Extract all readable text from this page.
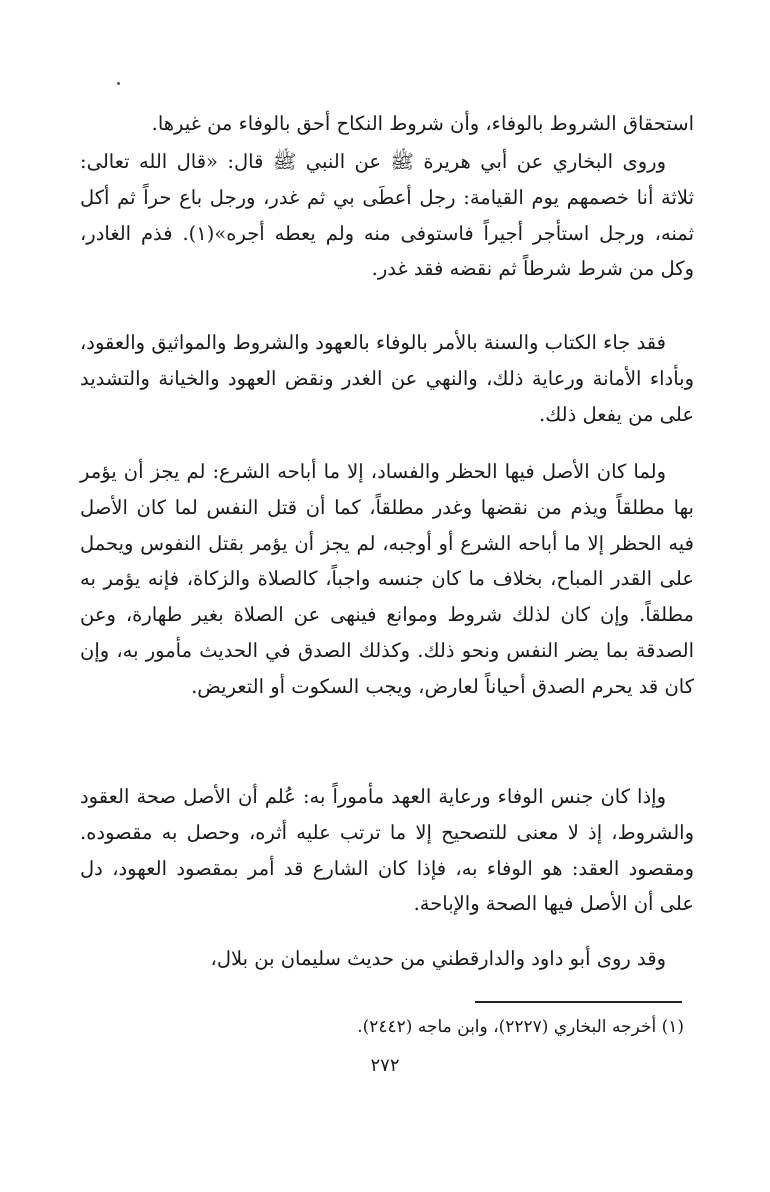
استحقاق الشروط بالوفاء، وأن شروط النكاح أحق بالوفاء من غيرها.

وروى البخاري عن أبي هريرة ﷺ عن النبي ﷺ قال: «قال الله تعالى: ثلاثة أنا خصمهم يوم القيامة: رجل أعطَى بي ثم غدر، ورجل باع حراً ثم أكل ثمنه، ورجل استأجر أجيراً فاستوفى منه ولم يعطه أجره»(١). فذم الغادر، وكل من شرط شرطاً ثم نقضه فقد غدر.

فقد جاء الكتاب والسنة بالأمر بالوفاء بالعهود والشروط والمواثيق والعقود، وبأداء الأمانة ورعاية ذلك، والنهي عن الغدر ونقض العهود والخيانة والتشديد على من يفعل ذلك.

ولما كان الأصل فيها الحظر والفساد، إلا ما أباحه الشرع: لم يجز أن يؤمر بها مطلقاً ويذم من نقضها وغدر مطلقاً، كما أن قتل النفس لما كان الأصل فيه الحظر إلا ما أباحه الشرع أو أوجبه، لم يجز أن يؤمر بقتل النفوس ويحمل على القدر المباح، بخلاف ما كان جنسه واجباً، كالصلاة والزكاة، فإنه يؤمر به مطلقاً. وإن كان لذلك شروط وموانع فينهى عن الصلاة بغير طهارة، وعن الصدقة بما يضر النفس ونحو ذلك. وكذلك الصدق في الحديث مأمور به، وإن كان قد يحرم الصدق أحياناً لعارض، ويجب السكوت أو التعريض.

وإذا كان جنس الوفاء ورعاية العهد مأموراً به: عُلم أن الأصل صحة العقود والشروط، إذ لا معنى للتصحيح إلا ما ترتب عليه أثره، وحصل به مقصوده. ومقصود العقد: هو الوفاء به، فإذا كان الشارع قد أمر بمقصود العهود، دل على أن الأصل فيها الصحة والإباحة.

وقد روى أبو داود والدارقطني من حديث سليمان بن بلال،

(١) أخرجه البخاري (٢٢٢٧)، وابن ماجه (٢٤٤٢).
٢٧٢
